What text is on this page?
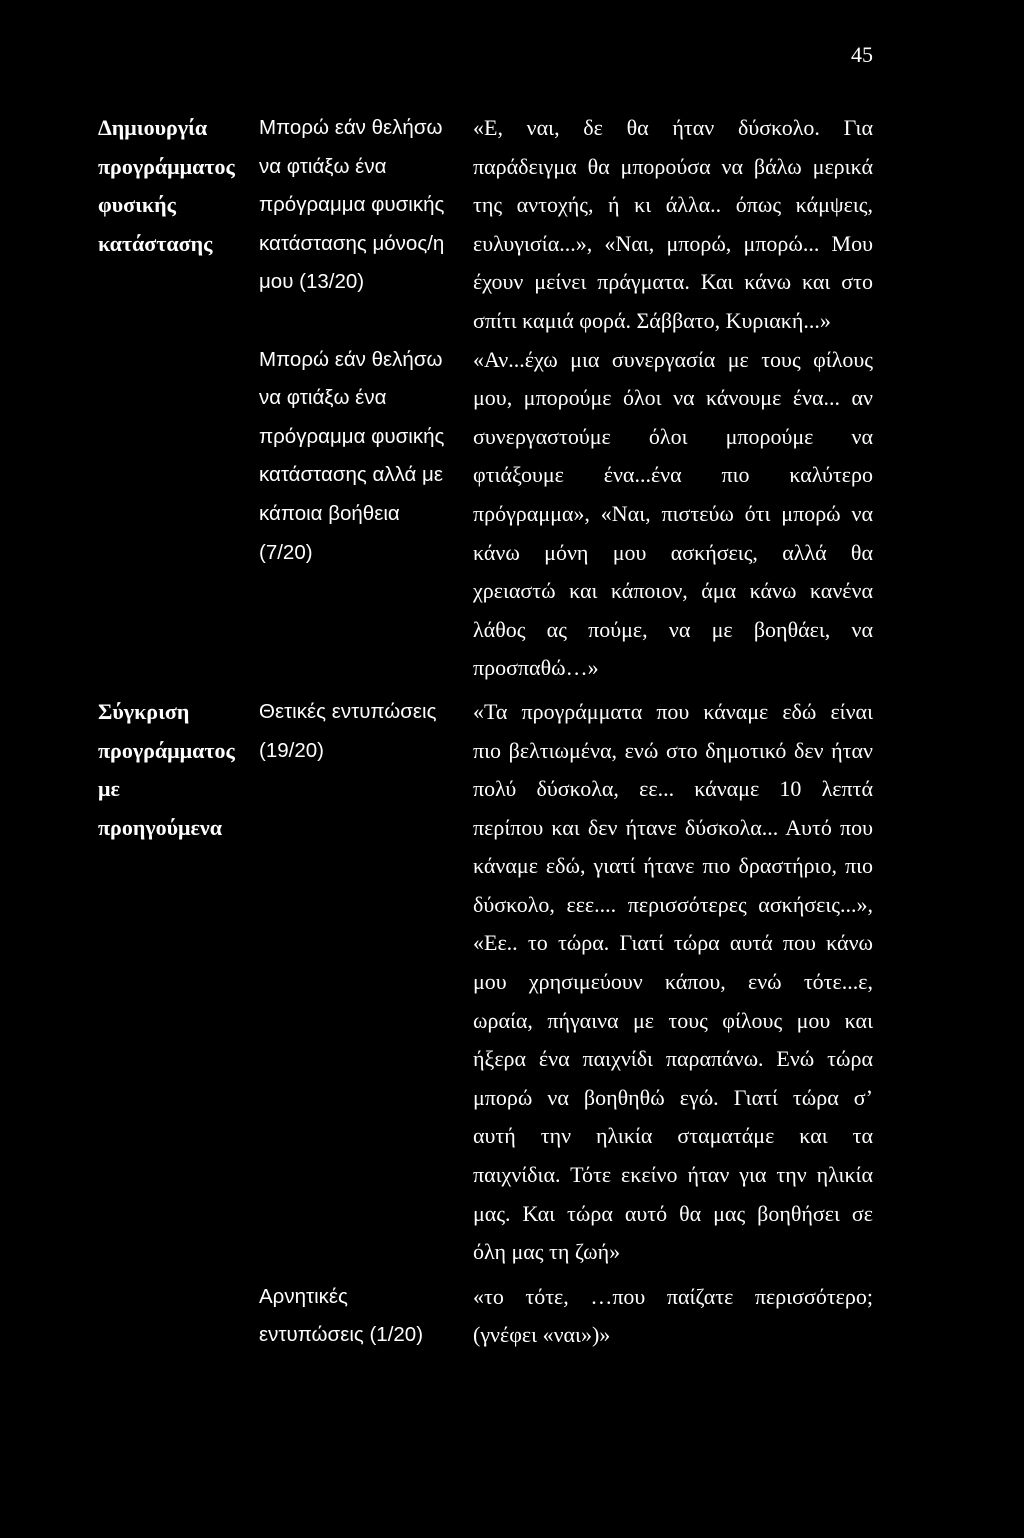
45
Δημιουργία
προγράμματος
φυσικής
κατάστασης
Μπορώ εάν θελήσω
να φτιάξω ένα
πρόγραμμα φυσικής
κατάστασης μόνος/η
μου (13/20)
«Ε, ναι, δε θα ήταν δύσκολο. Για
παράδειγμα θα μπορούσα να βάλω μερικά
της αντοχής, ή κι άλλα.. όπως κάμψεις,
ευλυγισία...», «Ναι, μπορώ, μπορώ... Μου
έχουν μείνει πράγματα. Και κάνω και στο
σπίτι καμιά φορά. Σάββατο, Κυριακή...»
Μπορώ εάν θελήσω
να φτιάξω ένα
πρόγραμμα φυσικής
κατάστασης αλλά με
κάποια βοήθεια
(7/20)
«Αν...έχω μια συνεργασία με τους φίλους
μου, μπορούμε όλοι να κάνουμε ένα... αν
συνεργαστούμε όλοι μπορούμε να
φτιάξουμε ένα...ένα πιο καλύτερο
πρόγραμμα», «Ναι, πιστεύω ότι μπορώ να
κάνω μόνη μου ασκήσεις, αλλά θα
χρειαστώ και κάποιον, άμα κάνω κανένα
λάθος ας πούμε, να με βοηθάει, να
προσπαθώ…»
Σύγκριση
προγράμματος
με
προηγούμενα
Θετικές εντυπώσεις
(19/20)
«Τα προγράμματα που κάναμε εδώ είναι
πιο βελτιωμένα, ενώ στο δημοτικό δεν ήταν
πολύ δύσκολα, εε... κάναμε 10 λεπτά
περίπου και δεν ήτανε δύσκολα... Αυτό που
κάναμε εδώ, γιατί ήτανε πιο δραστήριο, πιο
δύσκολο, εεε.... περισσότερες ασκήσεις...»,
«Εε.. το τώρα. Γιατί τώρα αυτά που κάνω
μου χρησιμεύουν κάπου, ενώ τότε...ε,
ωραία, πήγαινα με τους φίλους μου και
ήξερα ένα παιχνίδι παραπάνω. Ενώ τώρα
μπορώ να βοηθηθώ εγώ. Γιατί τώρα σ’
αυτή την ηλικία σταματάμε και τα
παιχνίδια. Τότε εκείνο ήταν για την ηλικία
μας. Και τώρα αυτό θα μας βοηθήσει σε
όλη μας τη ζωή»
Αρνητικές
εντυπώσεις (1/20)
«το τότε, …που παίζατε περισσότερο;
(γνέφει «ναι»)»
